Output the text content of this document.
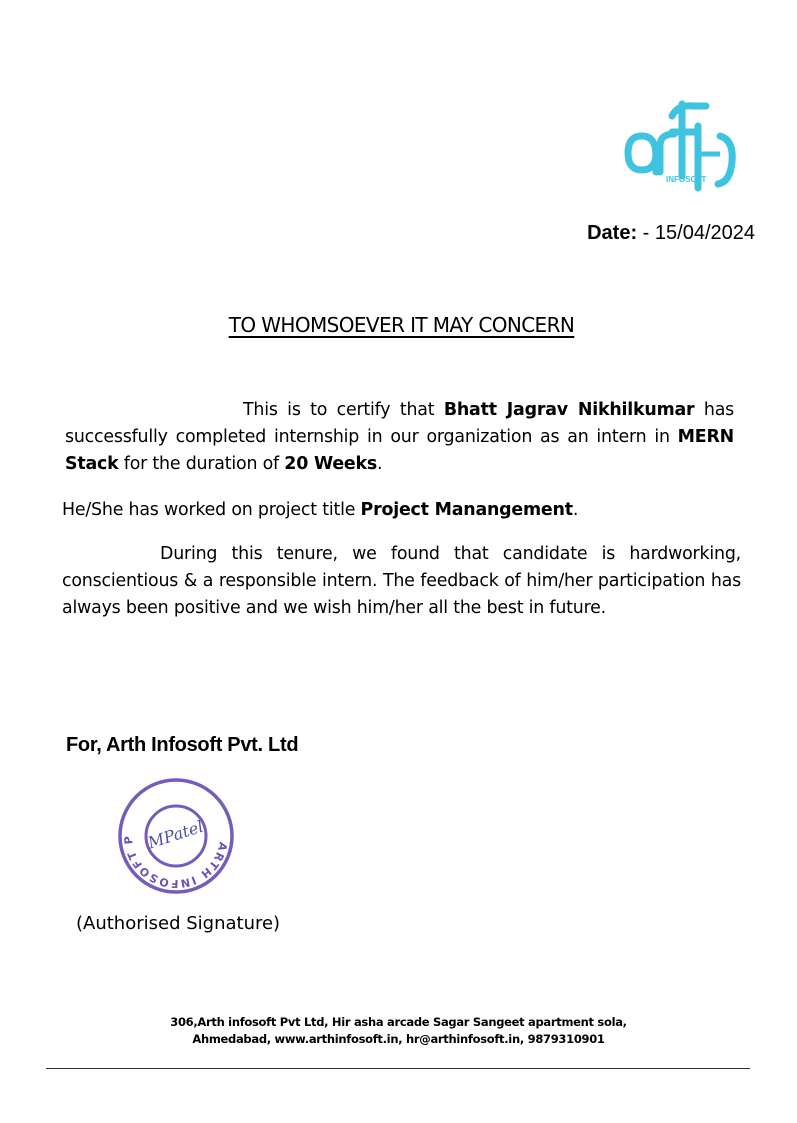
INFOSOFT
Date: - 15/04/2024
TO WHOMSOEVER IT MAY CONCERN
This is to certify that Bhatt Jagrav Nikhilkumar has successfully completed internship in our organization as an intern in MERN Stack for the duration of 20 Weeks.
He/She has worked on project title Project Manangement.
During this tenure, we found that candidate is hardworking, conscientious & a responsible intern. The feedback of him/her participation has always been positive and we wish him/her all the best in future.
For, Arth Infosoft Pvt. Ltd
ARTH INFOSOFT P MPatel
(Authorised Signature)
306,Arth infosoft Pvt Ltd, Hir asha arcade Sagar Sangeet apartment sola,
Ahmedabad, www.arthinfosoft.in, hr@arthinfosoft.in, 9879310901
